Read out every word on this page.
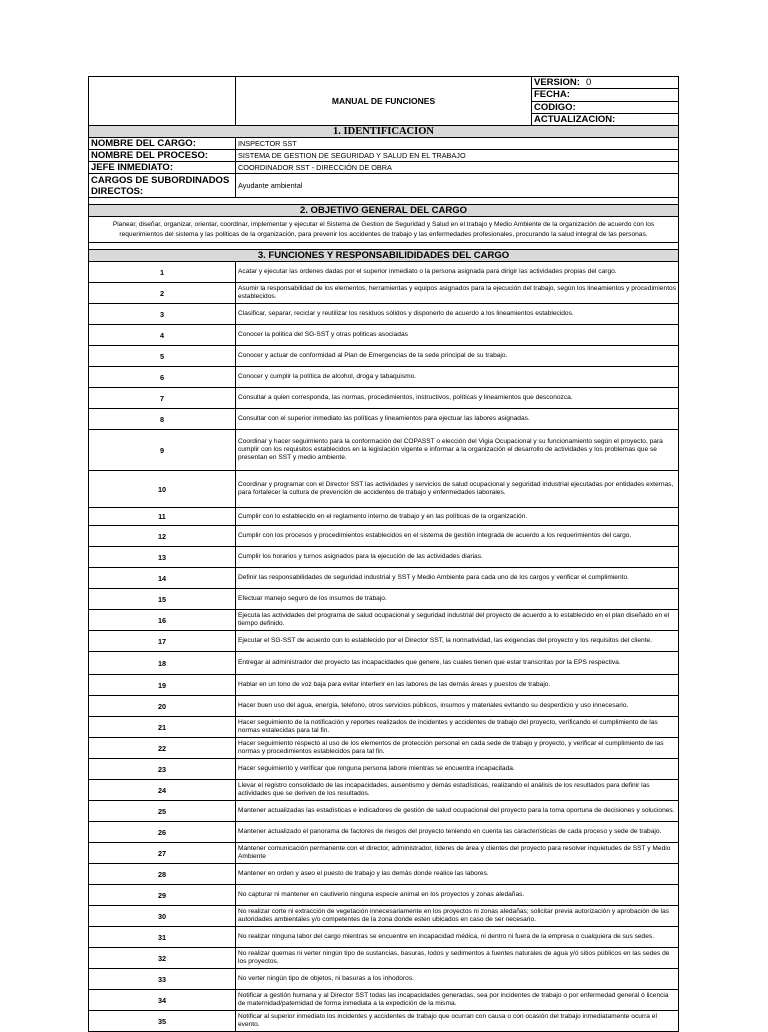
	MANUAL DE FUNCIONES	VERSION: 0
FECHA:
CODIGO:
ACTUALIZACION:
1. IDENTIFICACION	
NOMBRE DEL CARGO:	INSPECTOR SST
NOMBRE DEL PROCESO:	SISTEMA DE GESTION DE SEGURIDAD Y SALUD EN EL TRABAJO
JEFE INMEDIATO:	COORDINADOR SST - DIRECCIÓN DE OBRA
CARGOS DE SUBORDINADOS DIRECTOS:	Ayudante ambiental

2. OBJETIVO GENERAL DEL CARGO	
Planear, diseñar, organizar, orientar, coordinar, implementar y ejecutar el Sistema de Gestion de Seguridad y Salud en el trabajo y Medio Ambiente de la organización de acuerdo con los requerimientos del sistema y las politicas de la organización, para prevenir los accidentes de trabajo y las enfermedades profesionales, procurando la salud integral de las personas.	

3. FUNCIONES Y RESPONSABILIDIDADES DEL CARGO	
1	Acatar y ejecutar las ordenes dadas por el superior inmediato o la persona asignada para dirigir las actividades propias del cargo.
2	Asumir la responsabilidad de los elementos, herramientas y equipos asignados para la ejecución del trabajo, según los lineamientos y procedimientos establecidos.
3	Clasificar, separar, reciclar y reutilizar los residuos sólidos y disponerlo de acuerdo a los lineamientos establecidos.
4	Conocer la politica del SG-SST y otras politicas asociadas
5	Conocer y actuar de conformidad al Plan de Emergencias de la sede principal de su trabajo.
6	Conocer y cumplir la política de alcohol, droga y tabaquismo.
7	Consultar a quien corresponda, las normas, procedimientos, instructivos, políticas y lineamientos que desconozca.
8	Consultar con el superior inmediato las políticas y lineamientos para ejectuar las labores asignadas.
9	Coordinar y hacer seguimiento para la conformación del COPASST o elección del Vigia Ocupacional y su funcionamiento según el proyecto, para cumplir con los requisitos establecidos en la legislación vigente e informar a la organización el desarrollo de actividades y los problemas que se presentan en SST y medio ambiente.
10	Coordinar y programar con el Director SST las actividades y servicios de salud ocupacional y seguridad industrial ejecutadas por entidades externas, para fortalecer la cultura de prevención de accidentes de trabajo y enfermedades laborales.
11	Cumplir con lo establecido en el reglamento interno de trabajo y en las políticas de la organización.
12	Cumplir con los procesos y procedimientos establecidos en el sistema de gestión integrada de acuerdo a los requerimientos del cargo.
13	Cumplir los horarios y turnos asignados para la ejecución de las actividades diarias.
14	Definir las responsabilidades de seguridad industrial y SST y Medio Ambiente para cada uno de los cargos y verificar el cumplimiento.
15	Efectuar manejo seguro de los insumos de trabajo.
16	Ejecuta las actividades del programa de salud ocupacional y seguridad industrial del proyecto de acuerdo a lo establecido en el plan diseñado en el tiempo definido.
17	Ejecutar el SG-SST de acuerdo con lo establecido por el Director SST, la normatividad, las exigencias del proyecto y los requisitos del cliente.
18	Entregar al administrador del proyecto las incapacidades que genere, las cuales tienen que estar transcritas por la EPS respectiva.
19	Hablar en un tono de voz baja para evitar interferir en las labores de las demás áreas y puestos de trabajo.
20	Hacer buen uso del agua, energía, telefono, otros servicios públicos, insumos y materiales evitando su desperdicio y uso innecesario.
21	Hacer seguimiento de la notificación y reportes realizados de incidentes y accidentes de trabajo del proyecto, verificando el cumplimiento de las normas estalecidas para tal fin.
22	Hacer seguimiento respecto al uso de los elementos de protección personal en cada sede de trabajo y proyecto, y verificar el cumplimiento de las normas y procedimientos establecidos para tal fin.
23	Hacer seguimiento y verificar que ninguna persona labore mientras se encuentra incapacitada.
24	Llevar el registro consolidado de las incapacidades, ausentismo y demás estadísticas, realizando el análisis de los resultados para definir las actividades que se deriven de los resultados.
25	Mantener actualizadas las estadísticas e indicadores de gestión de salud ocupacional del proyecto para la toma oportuna de decisiones y soluciones.
26	Mantener actualizado el panorama de factores de riesgos del proyecto teniendo en cuenta las características de cada proceso y sede de trabajo.
27	Mantener comunicación permanente con el director, administrador, líderes de área y clientes del proyecto para resolver inquietudes de SST y Medio Ambiente
28	Mantener en orden y aseo el puesto de trabajo y las demás donde realice las labores.
29	No capturar ni mantener en cautiverio ninguna especie animal en los proyectos y zonas aledañas.
30	No realizar corte ni extracción de vegetación innecesariamente en los proyectos ni zonas aledañas; solicitar previa autorización y aprobación de las autoridades ambientales y/o competentes de la zona donde esten ubicados en caso de ser necesario.
31	No realizar ninguna labor del cargo mientras se encuentre en incapacidad médica, ni dentro ni fuera de la empresa o cualquiera de sus sedes.
32	No realizar quemas ni verter ningún tipo de sustancias, basuras, lodos y sedimentos a fuentes naturales de agua y/ó sitios públicos en las sedes de los proyectos.
33	No verter ningún tipo de objetos, ni basuras a los inhodoros.
34	Notificar a gestión humana y al Director SST todas las incapacidades generadas, sea por incidentes de trabajo o por enfermedad general ó licencia de maternidad/paternidad de forma inmediata a la expedición de la misma.
35	Notificar al superior inmediato los incidentes y accidentes de trabajo que ocurran con causa o con ocasión del trabajo inmediatamente ocurra el evento.
